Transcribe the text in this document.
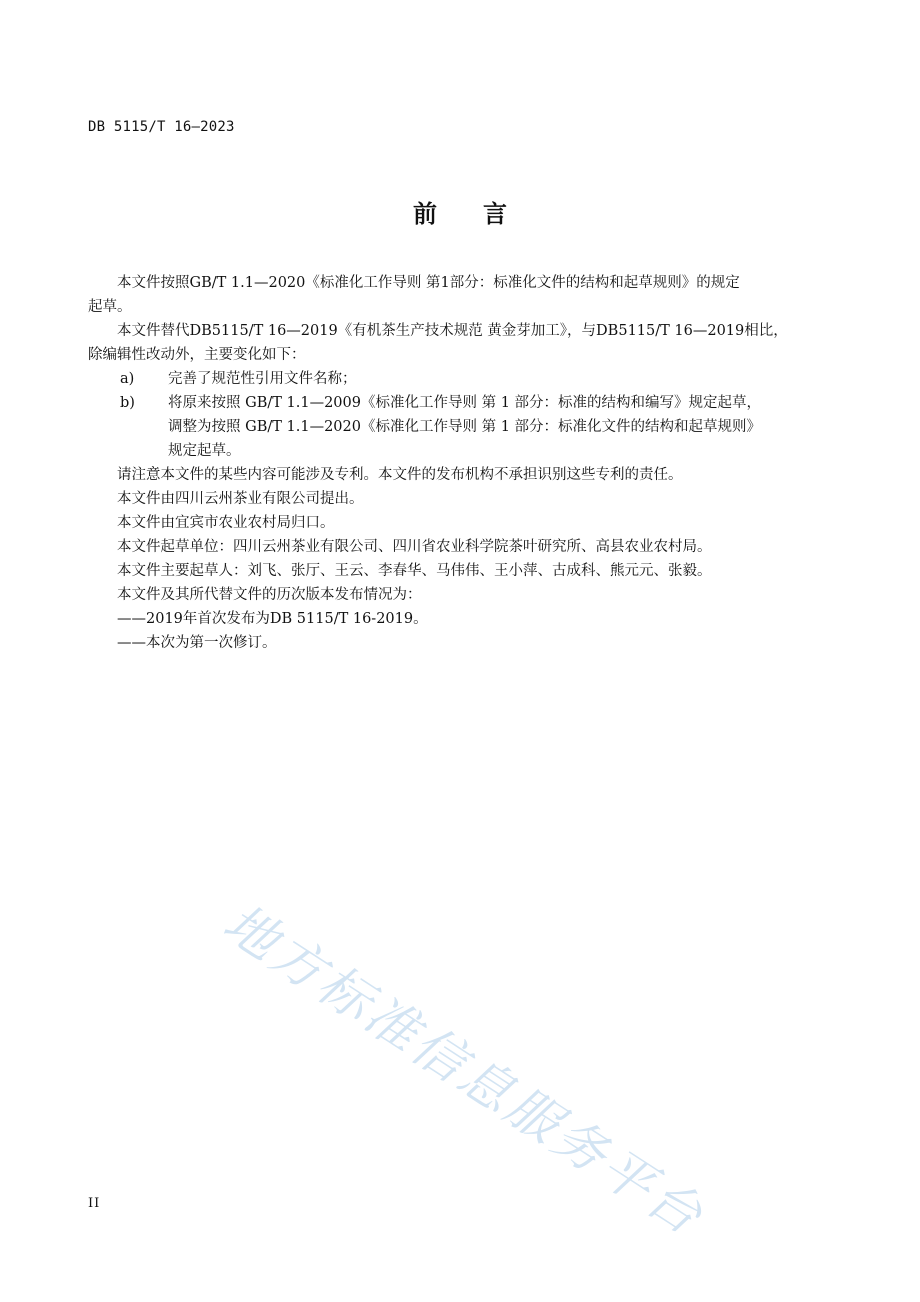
DB 5115/T 16—2023
前 言

本文件按照GB/T 1.1—2020《标准化工作导则 第1部分：标准化文件的结构和起草规则》的规定

起草。

本文件替代DB5115/T 16—2019《有机茶生产技术规范 黄金芽加工》，与DB5115/T 16—2019相比，

除编辑性改动外，主要变化如下：

a) 完善了规范性引用文件名称；

b) 将原来按照 GB/T 1.1—2009《标准化工作导则 第 1 部分：标准的结构和编写》规定起草，
调整为按照 GB/T 1.1—2020《标准化工作导则 第 1 部分：标准化文件的结构和起草规则》
规定起草。

请注意本文件的某些内容可能涉及专利。本文件的发布机构不承担识别这些专利的责任。

本文件由四川云州茶业有限公司提出。

本文件由宜宾市农业农村局归口。

本文件起草单位：四川云州茶业有限公司、四川省农业科学院茶叶研究所、高县农业农村局。

本文件主要起草人：刘飞、张厅、王云、李春华、马伟伟、王小萍、古成科、熊元元、张毅。

本文件及其所代替文件的历次版本发布情况为：

——2019年首次发布为DB 5115/T 16-2019。

——本次为第一次修订。

地方标准信息服务平台
II
